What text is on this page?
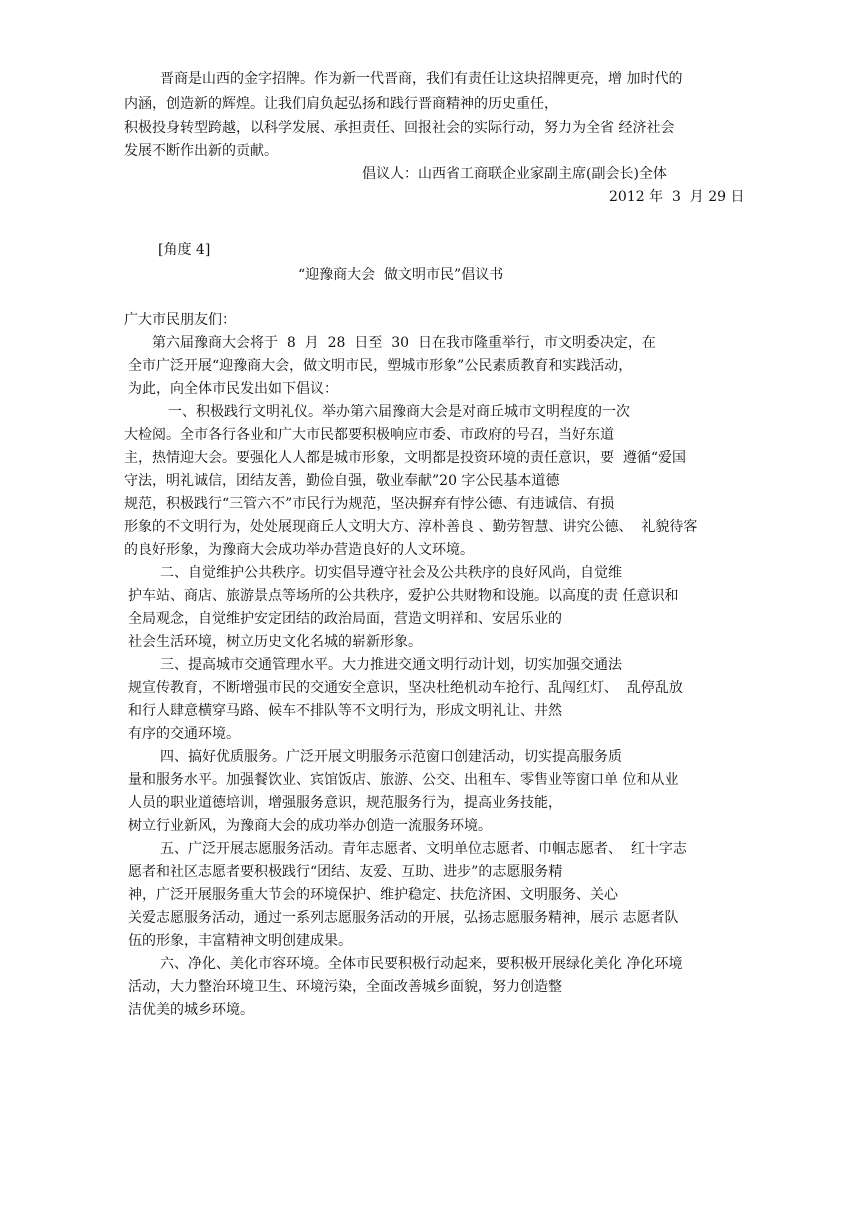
晋商是山西的金字招牌。作为新一代晋商，我们有责任让这块招牌更亮，增 加时代的
内涵，创造新的辉煌。让我们肩负起弘扬和践行晋商精神的历史重任，
积极投身转型跨越，以科学发展、承担责任、回报社会的实际行动，努力为全省 经济社会
发展不断作出新的贡献。
倡议人：山西省工商联企业家副主席(副会长)全体
2012 年  3  月 29 日
[角度 4]
“迎豫商大会  做文明市民”倡议书
广大市民朋友们：
第六届豫商大会将于  8  月  28  日至  30  日在我市隆重举行，市文明委决定，在
全市广泛开展“迎豫商大会，做文明市民，塑城市形象”公民素质教育和实践活动，
为此，向全体市民发出如下倡议：
一、积极践行文明礼仪。举办第六届豫商大会是对商丘城市文明程度的一次
大检阅。全市各行各业和广大市民都要积极响应市委、市政府的号召，当好东道
主，热情迎大会。要强化人人都是城市形象，文明都是投资环境的责任意识，要  遵循“爱国
守法，明礼诚信，团结友善，勤俭自强，敬业奉献”20 字公民基本道德
规范，积极践行“三管六不”市民行为规范，坚决摒弃有悖公德、有违诚信、有损
形象的不文明行为，处处展现商丘人文明大方、淳朴善良 、勤劳智慧、讲究公德、  礼貌待客
的良好形象，为豫商大会成功举办营造良好的人文环境。
二、自觉维护公共秩序。切实倡导遵守社会及公共秩序的良好风尚，自觉维
护车站、商店、旅游景点等场所的公共秩序，爱护公共财物和设施。以高度的责 任意识和
全局观念，自觉维护安定团结的政治局面，营造文明祥和、安居乐业的
社会生活环境，树立历史文化名城的崭新形象。
三、提高城市交通管理水平。大力推进交通文明行动计划，切实加强交通法
规宣传教育，不断增强市民的交通安全意识，坚决杜绝机动车抢行、乱闯红灯、  乱停乱放
和行人肆意横穿马路、候车不排队等不文明行为，形成文明礼让、井然
有序的交通环境。
四、搞好优质服务。广泛开展文明服务示范窗口创建活动，切实提高服务质
量和服务水平。加强餐饮业、宾馆饭店、旅游、公交、出租车、零售业等窗口单 位和从业
人员的职业道德培训，增强服务意识，规范服务行为，提高业务技能，
树立行业新风，为豫商大会的成功举办创造一流服务环境。
五、广泛开展志愿服务活动。青年志愿者、文明单位志愿者、巾帼志愿者、  红十字志
愿者和社区志愿者要积极践行“团结、友爱、互助、进步”的志愿服务精
神，广泛开展服务重大节会的环境保护、维护稳定、扶危济困、文明服务、关心
关爱志愿服务活动，通过一系列志愿服务活动的开展，弘扬志愿服务精神，展示 志愿者队
伍的形象，丰富精神文明创建成果。
六、净化、美化市容环境。全体市民要积极行动起来，要积极开展绿化美化 净化环境
活动，大力整治环境卫生、环境污染，全面改善城乡面貌，努力创造整
洁优美的城乡环境。
